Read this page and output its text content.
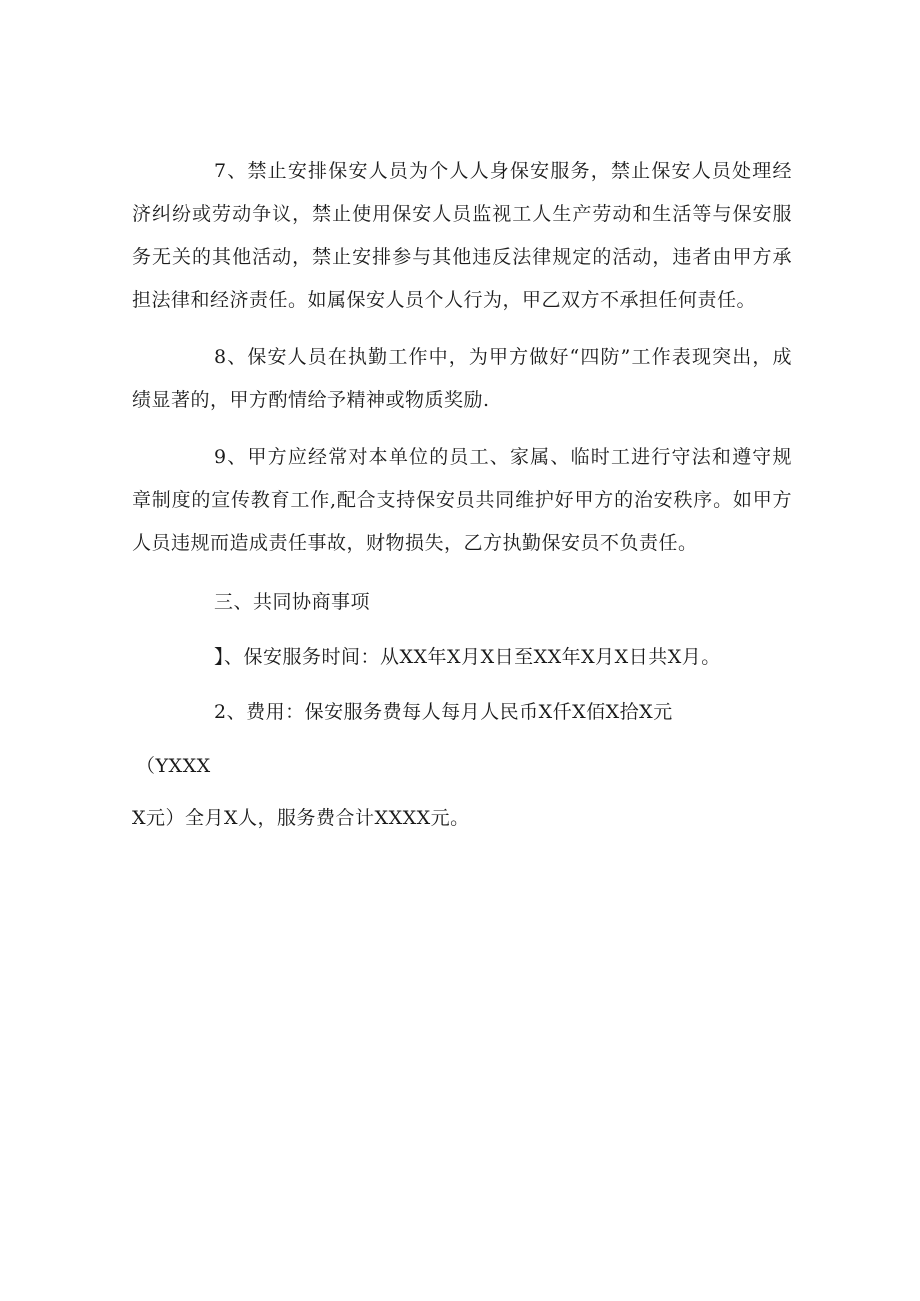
7、禁止安排保安人员为个人人身保安服务，禁止保安人员处理经济纠纷或劳动争议，禁止使用保安人员监视工人生产劳动和生活等与保安服务无关的其他活动，禁止安排参与其他违反法律规定的活动，违者由甲方承担法律和经济责任。如属保安人员个人行为，甲乙双方不承担任何责任。

8、保安人员在执勤工作中，为甲方做好“四防”工作表现突出，成绩显著的，甲方酌情给予精神或物质奖励.

9、甲方应经常对本单位的员工、家属、临时工进行守法和遵守规章制度的宣传教育工作,配合支持保安员共同维护好甲方的治安秩序。如甲方人员违规而造成责任事故，财物损失，乙方执勤保安员不负责任。

三、共同协商事项

】、保安服务时间：从XX年X月X日至XX年X月X日共X月。

2、费用：保安服务费每人每月人民币X仟X佰X拾X元

（YXXX

X元）全月X人，服务费合计XXXX元。
